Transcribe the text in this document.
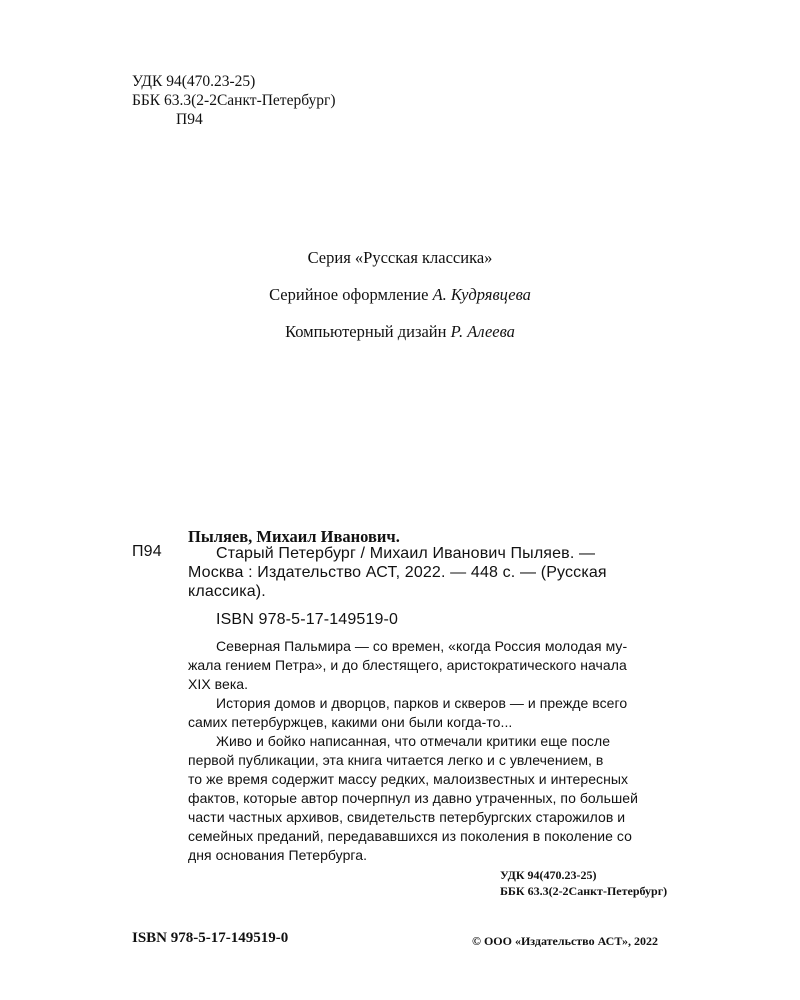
УДК 94(470.23-25)
ББК 63.3(2-2Санкт-Петербург)
П94
Серия «Русская классика»
Серийное оформление А. Кудрявцева
Компьютерный дизайн Р. Алеева
Пыляев, Михаил Иванович.
П94	Старый Петербург / Михаил Иванович Пыляев. —
Москва : Издательство АСТ, 2022. — 448 с. — (Русская
классика).
ISBN 978-5-17-149519-0
Северная Пальмира — со времен, «когда Россия молодая му-
жала гением Петра», и до блестящего, аристократического начала
XIX века.
История домов и дворцов, парков и скверов — и прежде всего
самих петербуржцев, какими они были когда-то...
Живо и бойко написанная, что отмечали критики еще после
первой публикации, эта книга читается легко и с увлечением, в
то же время содержит массу редких, малоизвестных и интересных
фактов, которые автор почерпнул из давно утраченных, по большей
части частных архивов, свидетельств петербургских старожилов и
семейных преданий, передававшихся из поколения в поколение со
дня основания Петербурга.
УДК 94(470.23-25)
ББК 63.3(2-2Санкт-Петербург)
ISBN 978-5-17-149519-0	© ООО «Издательство АСТ», 2022
